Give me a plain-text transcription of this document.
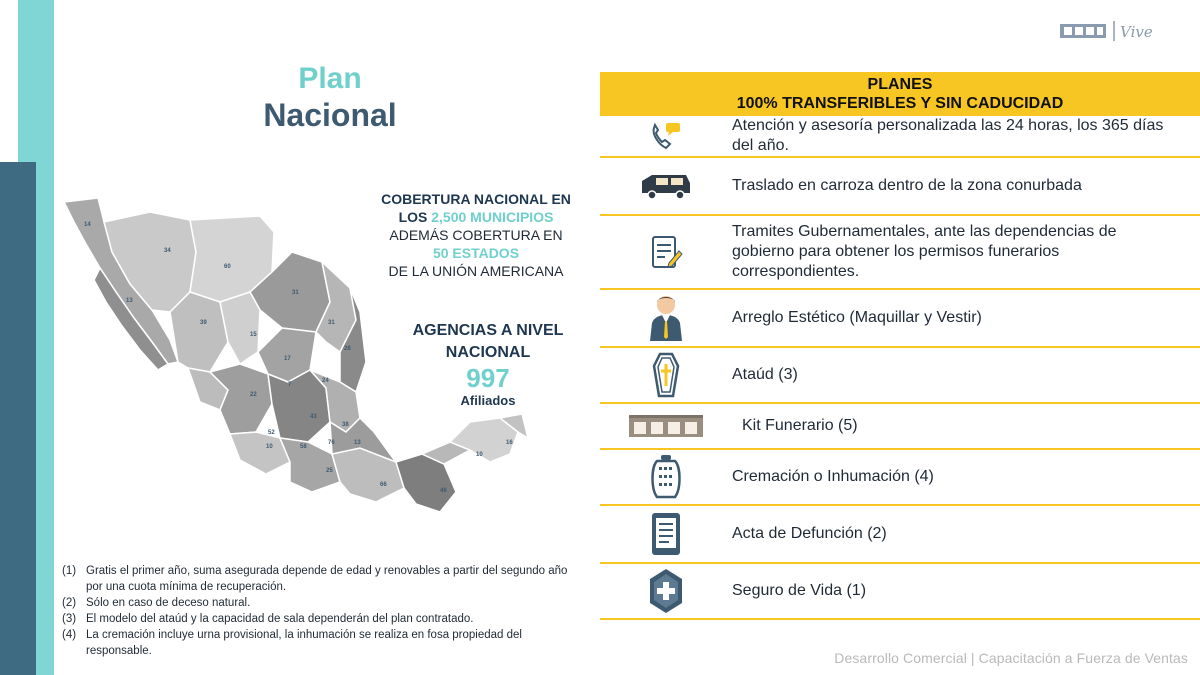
Vive
Plan
Nacional
14
34
60
13
39
15
31
31
28
17
7
24
22
43
38
52
58
76	13
10
25
66
46
16
10
COBERTURA NACIONAL EN
LOS 2,500 MUNICIPIOS
ADEMÁS COBERTURA EN
50 ESTADOS
DE LA UNIÓN AMERICANA
AGENCIAS A NIVEL
NACIONAL
997
Afiliados
(1) Gratis el primer año, suma asegurada depende de edad y renovables a partir del segundo año por una cuota mínima de recuperación.
(2) Sólo en caso de deceso natural.
(3) El modelo del ataúd y la capacidad de sala dependerán del plan contratado.
(4) La cremación incluye urna provisional, la inhumación se realiza en fosa propiedad del responsable.
PLANES
100% TRANSFERIBLES Y SIN CADUCIDAD
Atención y asesoría personalizada las 24 horas, los 365 días del año.
Traslado en carroza dentro de la zona conurbada
Tramites Gubernamentales, ante las dependencias de gobierno para obtener los permisos funerarios correspondientes.
Arreglo Estético (Maquillar y Vestir)
Ataúd (3)
Kit Funerario (5)
Cremación o Inhumación (4)
Acta de Defunción (2)
Seguro de Vida (1)
Desarrollo Comercial | Capacitación a Fuerza de Ventas
